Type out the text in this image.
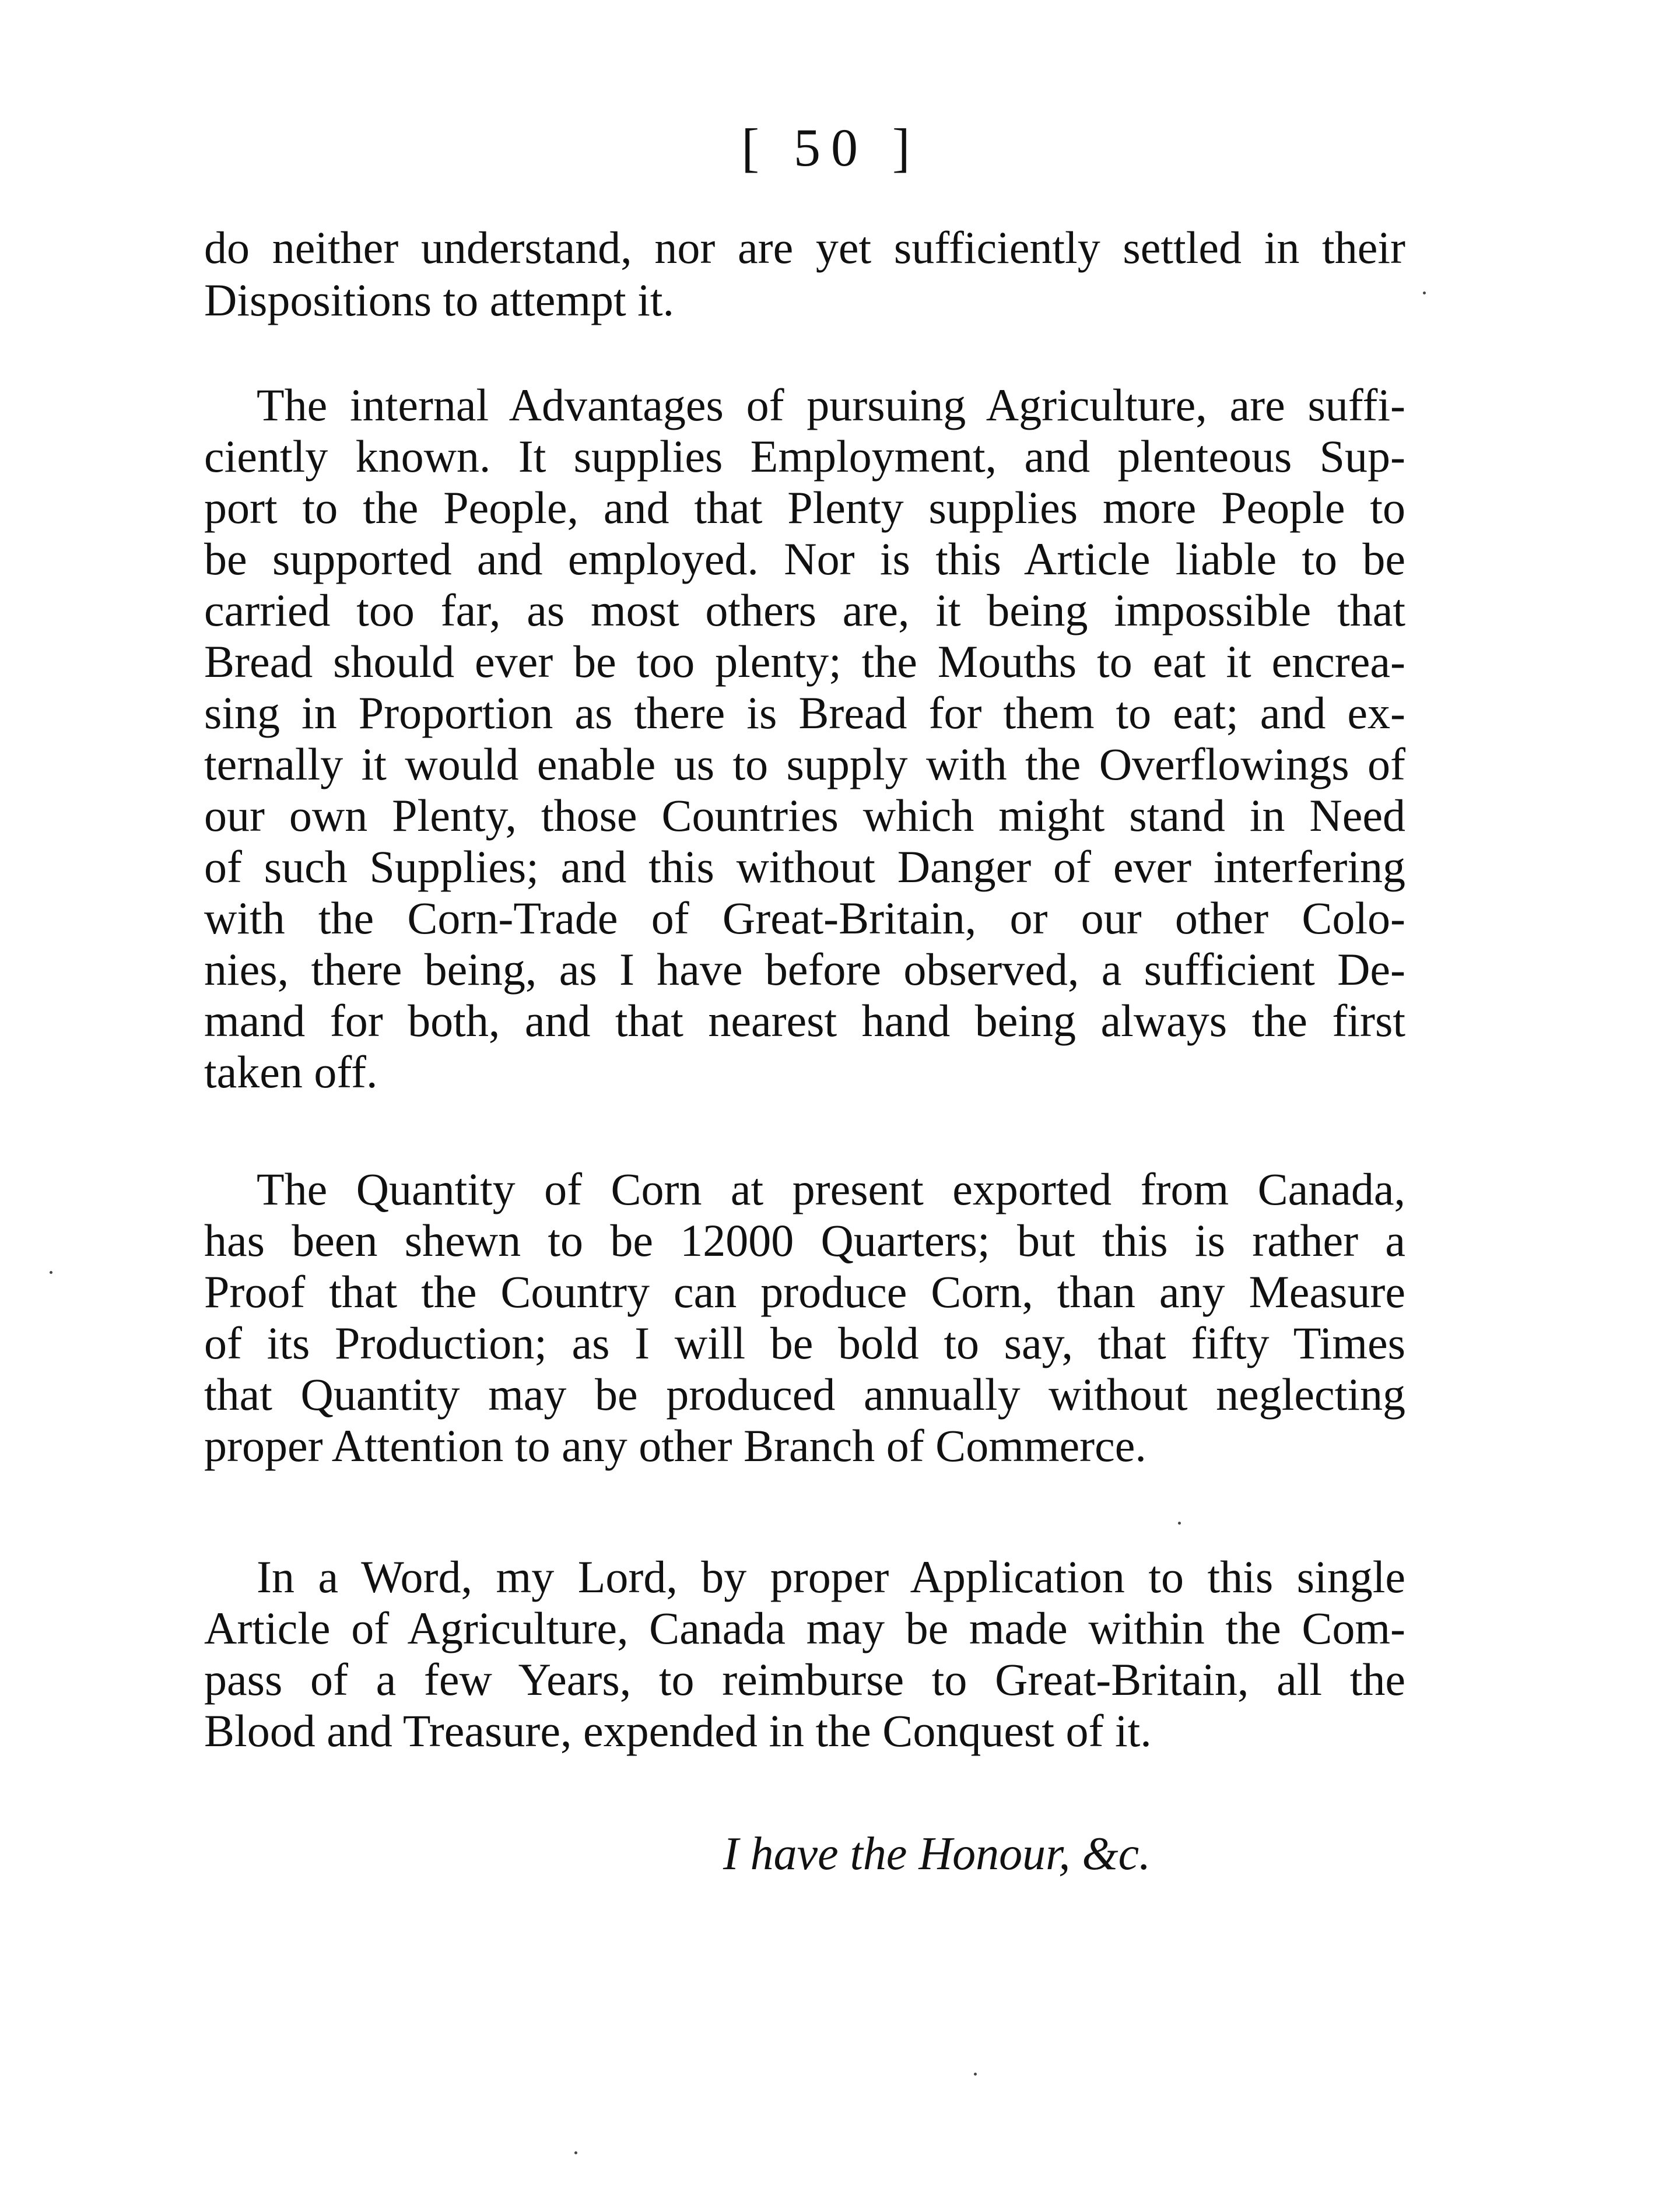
[ 50 ]
do neither understand, nor are yet sufficiently settled in their
Dispositions to attempt it.
The internal Advantages of pursuing Agriculture, are suffi-
ciently known. It supplies Employment, and plenteous Sup-
port to the People, and that Plenty supplies more People to
be supported and employed. Nor is this Article liable to be
carried too far, as most others are, it being impossible that
Bread should ever be too plenty; the Mouths to eat it encrea-
sing in Proportion as there is Bread for them to eat; and ex-
ternally it would enable us to supply with the Overflowings of
our own Plenty, those Countries which might stand in Need
of such Supplies; and this without Danger of ever interfering
with the Corn-Trade of Great-Britain, or our other Colo-
nies, there being, as I have before observed, a sufficient De-
mand for both, and that nearest hand being always the first
taken off.
The Quantity of Corn at present exported from Canada,
has been shewn to be 12000 Quarters; but this is rather a
Proof that the Country can produce Corn, than any Measure
of its Production; as I will be bold to say, that fifty Times
that Quantity may be produced annually without neglecting
proper Attention to any other Branch of Commerce.
In a Word, my Lord, by proper Application to this single
Article of Agriculture, Canada may be made within the Com-
pass of a few Years, to reimburse to Great-Britain, all the
Blood and Treasure, expended in the Conquest of it.
I have the Honour, &c.
